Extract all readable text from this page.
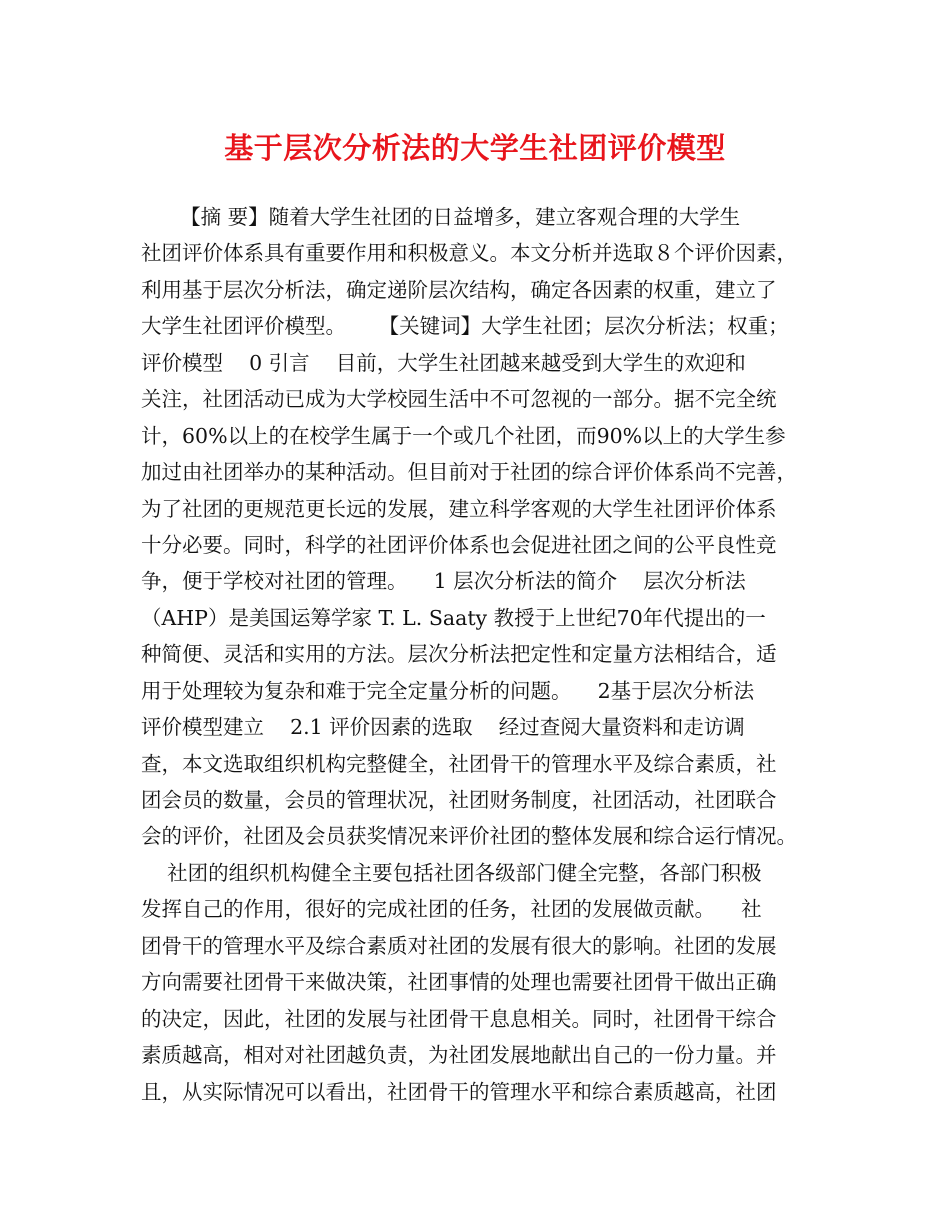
基于层次分析法的大学生社团评价模型
【摘 要】随着大学生社团的日益增多，建立客观合理的大学生
社团评价体系具有重要作用和积极意义。本文分析并选取８个评价因素，
利用基于层次分析法，确定递阶层次结构，确定各因素的权重，建立了
大学生社团评价模型。     【关键词】大学生社团；层次分析法；权重；
评价模型    0 引言    目前，大学生社团越来越受到大学生的欢迎和
关注，社团活动已成为大学校园生活中不可忽视的一部分。据不完全统
计，60%以上的在校学生属于一个或几个社团，而90%以上的大学生参
加过由社团举办的某种活动。但目前对于社团的综合评价体系尚不完善，
为了社团的更规范更长远的发展，建立科学客观的大学生社团评价体系
十分必要。同时，科学的社团评价体系也会促进社团之间的公平良性竞
争，便于学校对社团的管理。    1 层次分析法的简介    层次分析法
（AHP）是美国运筹学家 T. L. Saaty 教授于上世纪70年代提出的一
种简便、灵活和实用的方法。层次分析法把定性和定量方法相结合，适
用于处理较为复杂和难于完全定量分析的问题。    2基于层次分析法
评价模型建立    2.1 评价因素的选取    经过查阅大量资料和走访调
查，本文选取组织机构完整健全，社团骨干的管理水平及综合素质，社
团会员的数量，会员的管理状况，社团财务制度，社团活动，社团联合
会的评价，社团及会员获奖情况来评价社团的整体发展和综合运行情况。
社团的组织机构健全主要包括社团各级部门健全完整，各部门积极
发挥自己的作用，很好的完成社团的任务，社团的发展做贡献。    社
团骨干的管理水平及综合素质对社团的发展有很大的影响。社团的发展
方向需要社团骨干来做决策，社团事情的处理也需要社团骨干做出正确
的决定，因此，社团的发展与社团骨干息息相关。同时，社团骨干综合
素质越高，相对对社团越负责，为社团发展地献出自己的一份力量。并
且，从实际情况可以看出，社团骨干的管理水平和综合素质越高，社团
